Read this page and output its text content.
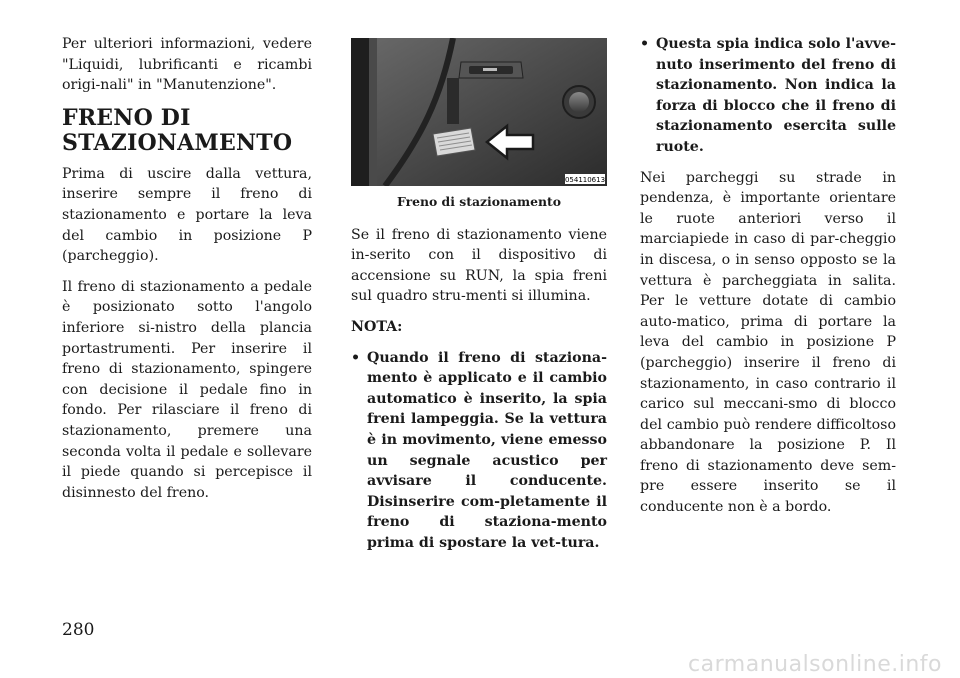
Per ulteriori informazioni, vedere "Liquidi, lubrificanti e ricambi origi-nali" in "Manutenzione".

FRENO DI
STAZIONAMENTO

Prima di uscire dalla vettura, inserire sempre il freno di stazionamento e portare la leva del cambio in posizione P (parcheggio).

Il freno di stazionamento a pedale è posizionato sotto l'angolo inferiore si-nistro della plancia portastrumenti. Per inserire il freno di stazionamento, spingere con decisione il pedale fino in fondo. Per rilasciare il freno di stazionamento, premere una seconda volta il pedale e sollevare il piede quando si percepisce il disinnesto del freno.

054110613
Freno di stazionamento

Se il freno di stazionamento viene in-serito con il dispositivo di accensione su RUN, la spia freni sul quadro stru-menti si illumina.

NOTA:
• Quando il freno di staziona-mento è applicato e il cambio automatico è inserito, la spia freni lampeggia. Se la vettura è in movimento, viene emesso un segnale acustico per avvisare il conducente. Disinserire com-pletamente il freno di staziona-mento prima di spostare la vet-tura.
• Questa spia indica solo l'avve-nuto inserimento del freno di stazionamento. Non indica la forza di blocco che il freno di stazionamento esercita sulle ruote.

Nei parcheggi su strade in pendenza, è importante orientare le ruote anteriori verso il marciapiede in caso di par-cheggio in discesa, o in senso opposto se la vettura è parcheggiata in salita. Per le vetture dotate di cambio auto-matico, prima di portare la leva del cambio in posizione P (parcheggio) inserire il freno di stazionamento, in caso contrario il carico sul meccani-smo di blocco del cambio può rendere difficoltoso abbandonare la posizione P. Il freno di stazionamento deve sem-pre essere inserito se il conducente non è a bordo.

280
carmanualsonline.info
